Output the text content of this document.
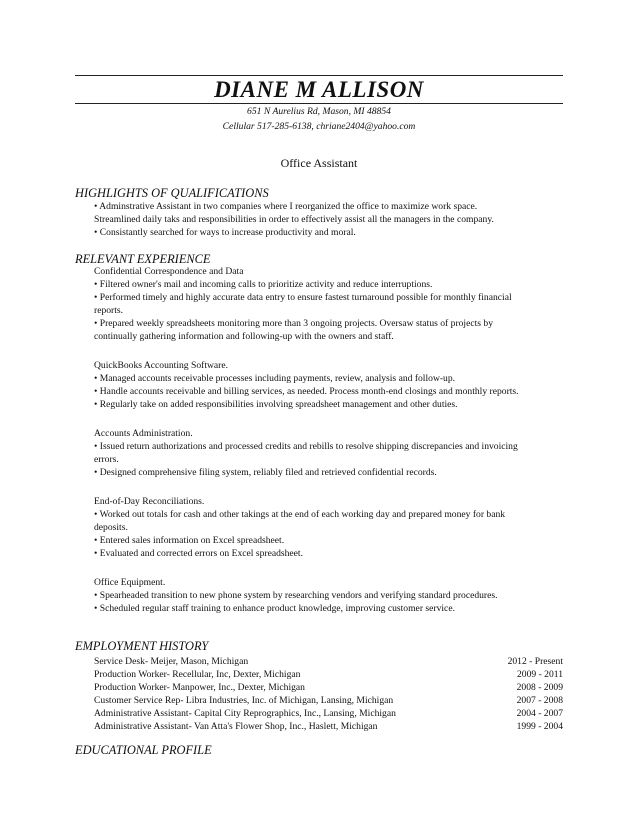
DIANE M ALLISON
651 N Aurelius Rd, Mason, MI 48854
Cellular 517-285-6138, chriane2404@yahoo.com
Office Assistant
HIGHLIGHTS OF QUALIFICATIONS
• Adminstrative Assistant in two companies where I reorganized the office to maximize work space.
Streamlined daily taks and responsibilities in order to effectively assist all the managers in the company.
• Consistantly searched for ways to increase productivity and moral.
RELEVANT EXPERIENCE
Confidential Correspondence and Data
• Filtered owner's mail and incoming calls to prioritize activity and reduce interruptions.
• Performed timely and highly accurate data entry to ensure fastest turnaround possible for monthly financial
reports.
• Prepared weekly spreadsheets monitoring more than 3 ongoing projects. Oversaw status of projects by
continually gathering information and following-up with the owners and staff.
QuickBooks Accounting Software.
• Managed accounts receivable processes including payments, review, analysis and follow-up.
• Handle accounts receivable and billing services, as needed. Process month-end closings and monthly reports.
• Regularly take on added responsibilities involving spreadsheet management and other duties.
Accounts Administration.
• Issued return authorizations and processed credits and rebills to resolve shipping discrepancies and invoicing
errors.
• Designed comprehensive filing system, reliably filed and retrieved confidential records.
End-of-Day Reconciliations.
• Worked out totals for cash and other takings at the end of each working day and prepared money for bank
deposits.
• Entered sales information on Excel spreadsheet.
• Evaluated and corrected errors on Excel spreadsheet.
Office Equipment.
• Spearheaded transition to new phone system by researching vendors and verifying standard procedures.
• Scheduled regular staff training to enhance product knowledge, improving customer service.
EMPLOYMENT HISTORY
Service Desk- Meijer, Mason, Michigan	2012 - Present
Production Worker- Recellular, Inc, Dexter, Michigan	2009 - 2011
Production Worker- Manpower, Inc., Dexter, Michigan	2008 - 2009
Customer Service Rep- Libra Industries, Inc. of Michigan, Lansing, Michigan	2007 - 2008
Administrative Assistant- Capital City Reprographics, Inc., Lansing, Michigan	2004 - 2007
Administrative Assistant- Van Atta's Flower Shop, Inc., Haslett, Michigan	1999 - 2004
EDUCATIONAL PROFILE
